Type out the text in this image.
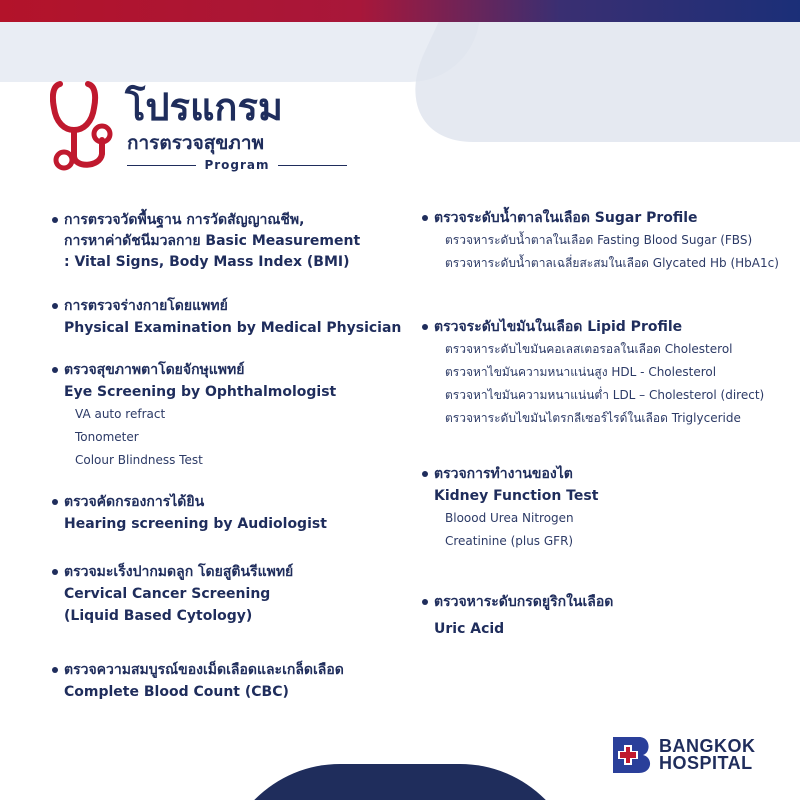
โปรแกรม
การตรวจสุขภาพ
Program
การตรวจวัดพื้นฐาน การวัดสัญญาณชีพ,
การหาค่าดัชนีมวลกาย Basic Measurement
: Vital Signs, Body Mass Index (BMI)
การตรวจร่างกายโดยแพทย์
Physical Examination by Medical Physician
ตรวจสุขภาพตาโดยจักษุแพทย์
Eye Screening by Ophthalmologist
VA auto refract
Tonometer
Colour Blindness Test
ตรวจคัดกรองการได้ยิน
Hearing screening by Audiologist
ตรวจมะเร็งปากมดลูก โดยสูตินรีแพทย์
Cervical Cancer Screening
(Liquid Based Cytology)
ตรวจความสมบูรณ์ของเม็ดเลือดและเกล็ดเลือด
Complete Blood Count (CBC)
ตรวจระดับน้ำตาลในเลือด Sugar Profile
ตรวจหาระดับน้ำตาลในเลือด Fasting Blood Sugar (FBS)
ตรวจหาระดับน้ำตาลเฉลี่ยสะสมในเลือด Glycated Hb (HbA1c)
ตรวจระดับไขมันในเลือด Lipid Profile
ตรวจหาระดับไขมันคอเลสเตอรอลในเลือด Cholesterol
ตรวจหาไขมันความหนาแน่นสูง HDL - Cholesterol
ตรวจหาไขมันความหนาแน่นต่ำ LDL – Cholesterol (direct)
ตรวจหาระดับไขมันไตรกลีเซอร์ไรด์ในเลือด Triglyceride
ตรวจการทำงานของไต
Kidney Function Test
Bloood Urea Nitrogen
Creatinine (plus GFR)
ตรวจหาระดับกรดยูริกในเลือด
Uric Acid
BANGKOK
HOSPITAL
